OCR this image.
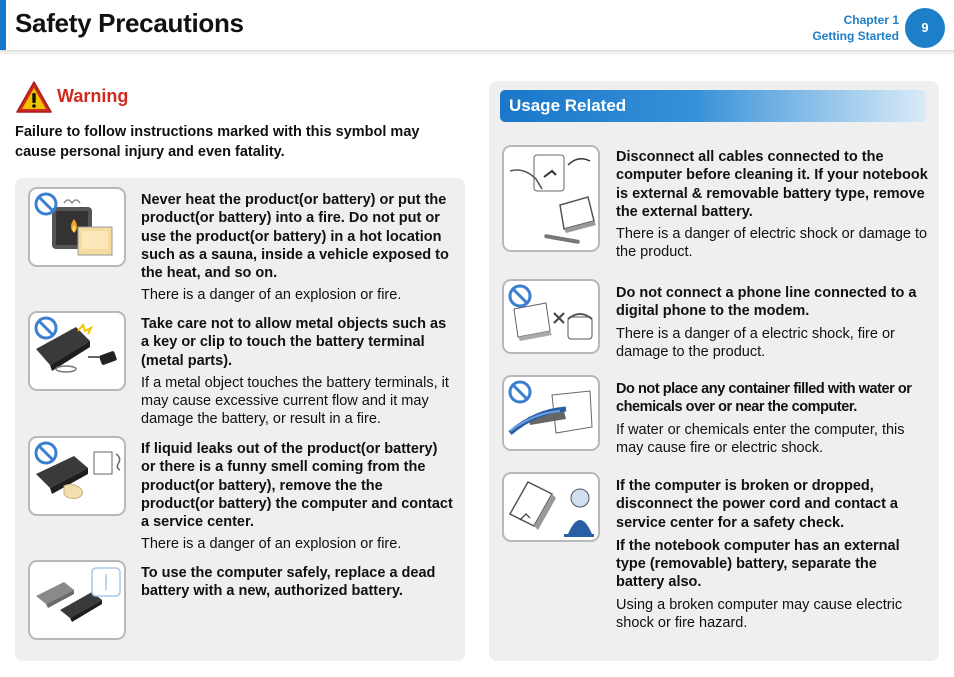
Safety Precautions	Chapter 1
Getting Started
9
Warning
Failure to follow instructions marked with this symbol may cause personal injury and even fatality.
Usage Related
Never heat the product(or battery) or put the product(or battery) into a fire. Do not put or use the product(or battery) in a hot location such as a sauna, inside a vehicle exposed to the heat, and so on.
There is a danger of an explosion or fire.
Take care not to allow metal objects such as a key or clip to touch the battery terminal (metal parts).
If a metal object touches the battery terminals, it may cause excessive current flow and it may damage the battery, or result in a fire.
If liquid leaks out of the product(or battery) or there is a funny smell coming from the product(or battery), remove the the product(or battery) the computer and contact a service center.
There is a danger of an explosion or fire.
To use the computer safely, replace a dead battery with a new, authorized battery.
Disconnect all cables connected to the computer before cleaning it. If your notebook is external & removable battery type, remove the external battery.
There is a danger of electric shock or damage to the product.
Do not connect a phone line connected to a digital phone to the modem.
There is a danger of a electric shock, fire or damage to the product.
Do not place any container filled with water or chemicals over or near the computer.
If water or chemicals enter the computer, this may cause fire or electric shock.
If the computer is broken or dropped, disconnect the power cord and contact a service center for a safety check.
If the notebook computer has an external type (removable) battery, separate the battery also.
Using a broken computer may cause electric shock or fire hazard.
